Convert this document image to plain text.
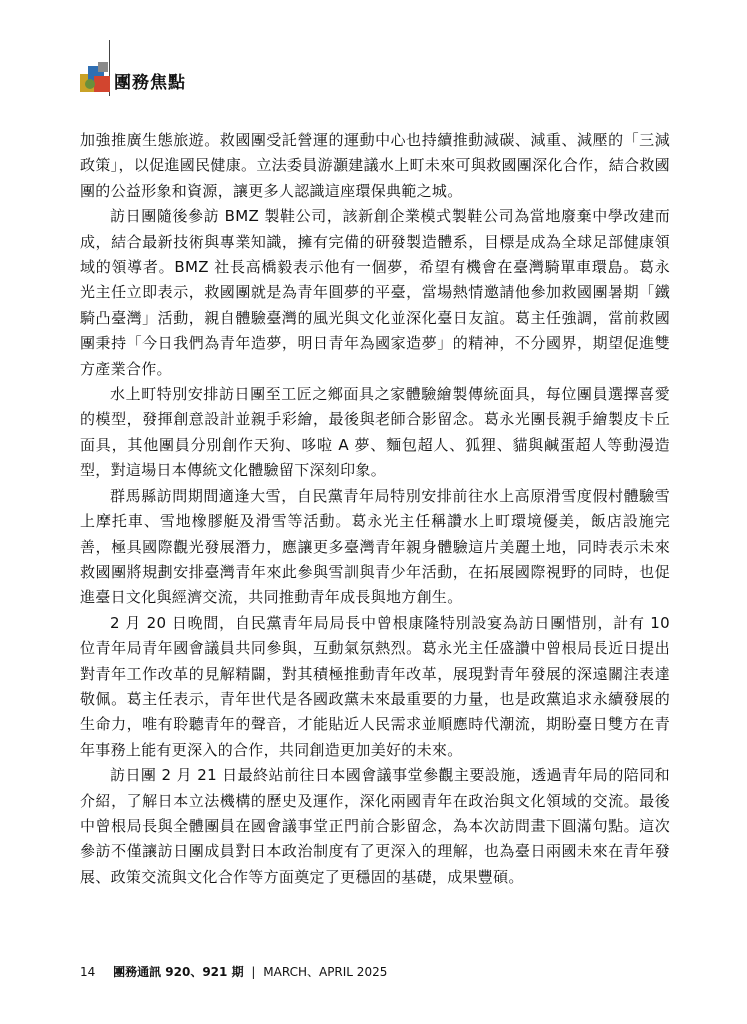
團務焦點

加強推廣生態旅遊。救國團受託營運的運動中心也持續推動減碳、減重、減壓的「三減政策」，以促進國民健康。立法委員游灝建議水上町未來可與救國團深化合作，結合救國團的公益形象和資源，讓更多人認識這座環保典範之城。

訪日團隨後參訪 BMZ 製鞋公司，該新創企業模式製鞋公司為當地廢棄中學改建而成，結合最新技術與專業知識，擁有完備的研發製造體系，目標是成為全球足部健康領域的領導者。BMZ 社長高橋毅表示他有一個夢，希望有機會在臺灣騎單車環島。葛永光主任立即表示，救國團就是為青年圓夢的平臺，當場熱情邀請他參加救國團暑期「鐵騎凸臺灣」活動，親自體驗臺灣的風光與文化並深化臺日友誼。葛主任強調，當前救國團秉持「今日我們為青年造夢，明日青年為國家造夢」的精神，不分國界，期望促進雙方產業合作。

水上町特別安排訪日團至工匠之鄉面具之家體驗繪製傳統面具，每位團員選擇喜愛的模型，發揮創意設計並親手彩繪，最後與老師合影留念。葛永光團長親手繪製皮卡丘面具，其他團員分別創作天狗、哆啦 A 夢、麵包超人、狐狸、貓與鹹蛋超人等動漫造型，對這場日本傳統文化體驗留下深刻印象。

群馬縣訪問期間適逢大雪，自民黨青年局特別安排前往水上高原滑雪度假村體驗雪上摩托車、雪地橡膠艇及滑雪等活動。葛永光主任稱讚水上町環境優美，飯店設施完善，極具國際觀光發展潛力，應讓更多臺灣青年親身體驗這片美麗土地，同時表示未來救國團將規劃安排臺灣青年來此參與雪訓與青少年活動，在拓展國際視野的同時，也促進臺日文化與經濟交流，共同推動青年成長與地方創生。

2 月 20 日晚間，自民黨青年局局長中曾根康隆特別設宴為訪日團惜別，計有 10 位青年局青年國會議員共同參與，互動氣氛熱烈。葛永光主任盛讚中曾根局長近日提出對青年工作改革的見解精闢，對其積極推動青年改革，展現對青年發展的深遠關注表達敬佩。葛主任表示，青年世代是各國政黨未來最重要的力量，也是政黨追求永續發展的生命力，唯有聆聽青年的聲音，才能貼近人民需求並順應時代潮流，期盼臺日雙方在青年事務上能有更深入的合作，共同創造更加美好的未來。

訪日團 2 月 21 日最終站前往日本國會議事堂參觀主要設施，透過青年局的陪同和介紹，了解日本立法機構的歷史及運作，深化兩國青年在政治與文化領域的交流。最後中曾根局長與全體團員在國會議事堂正門前合影留念，為本次訪問畫下圓滿句點。這次參訪不僅讓訪日團成員對日本政治制度有了更深入的理解，也為臺日兩國未來在青年發展、政策交流與文化合作等方面奠定了更穩固的基礎，成果豐碩。

14 團務通訊 920、921 期 | MARCH、APRIL 2025
